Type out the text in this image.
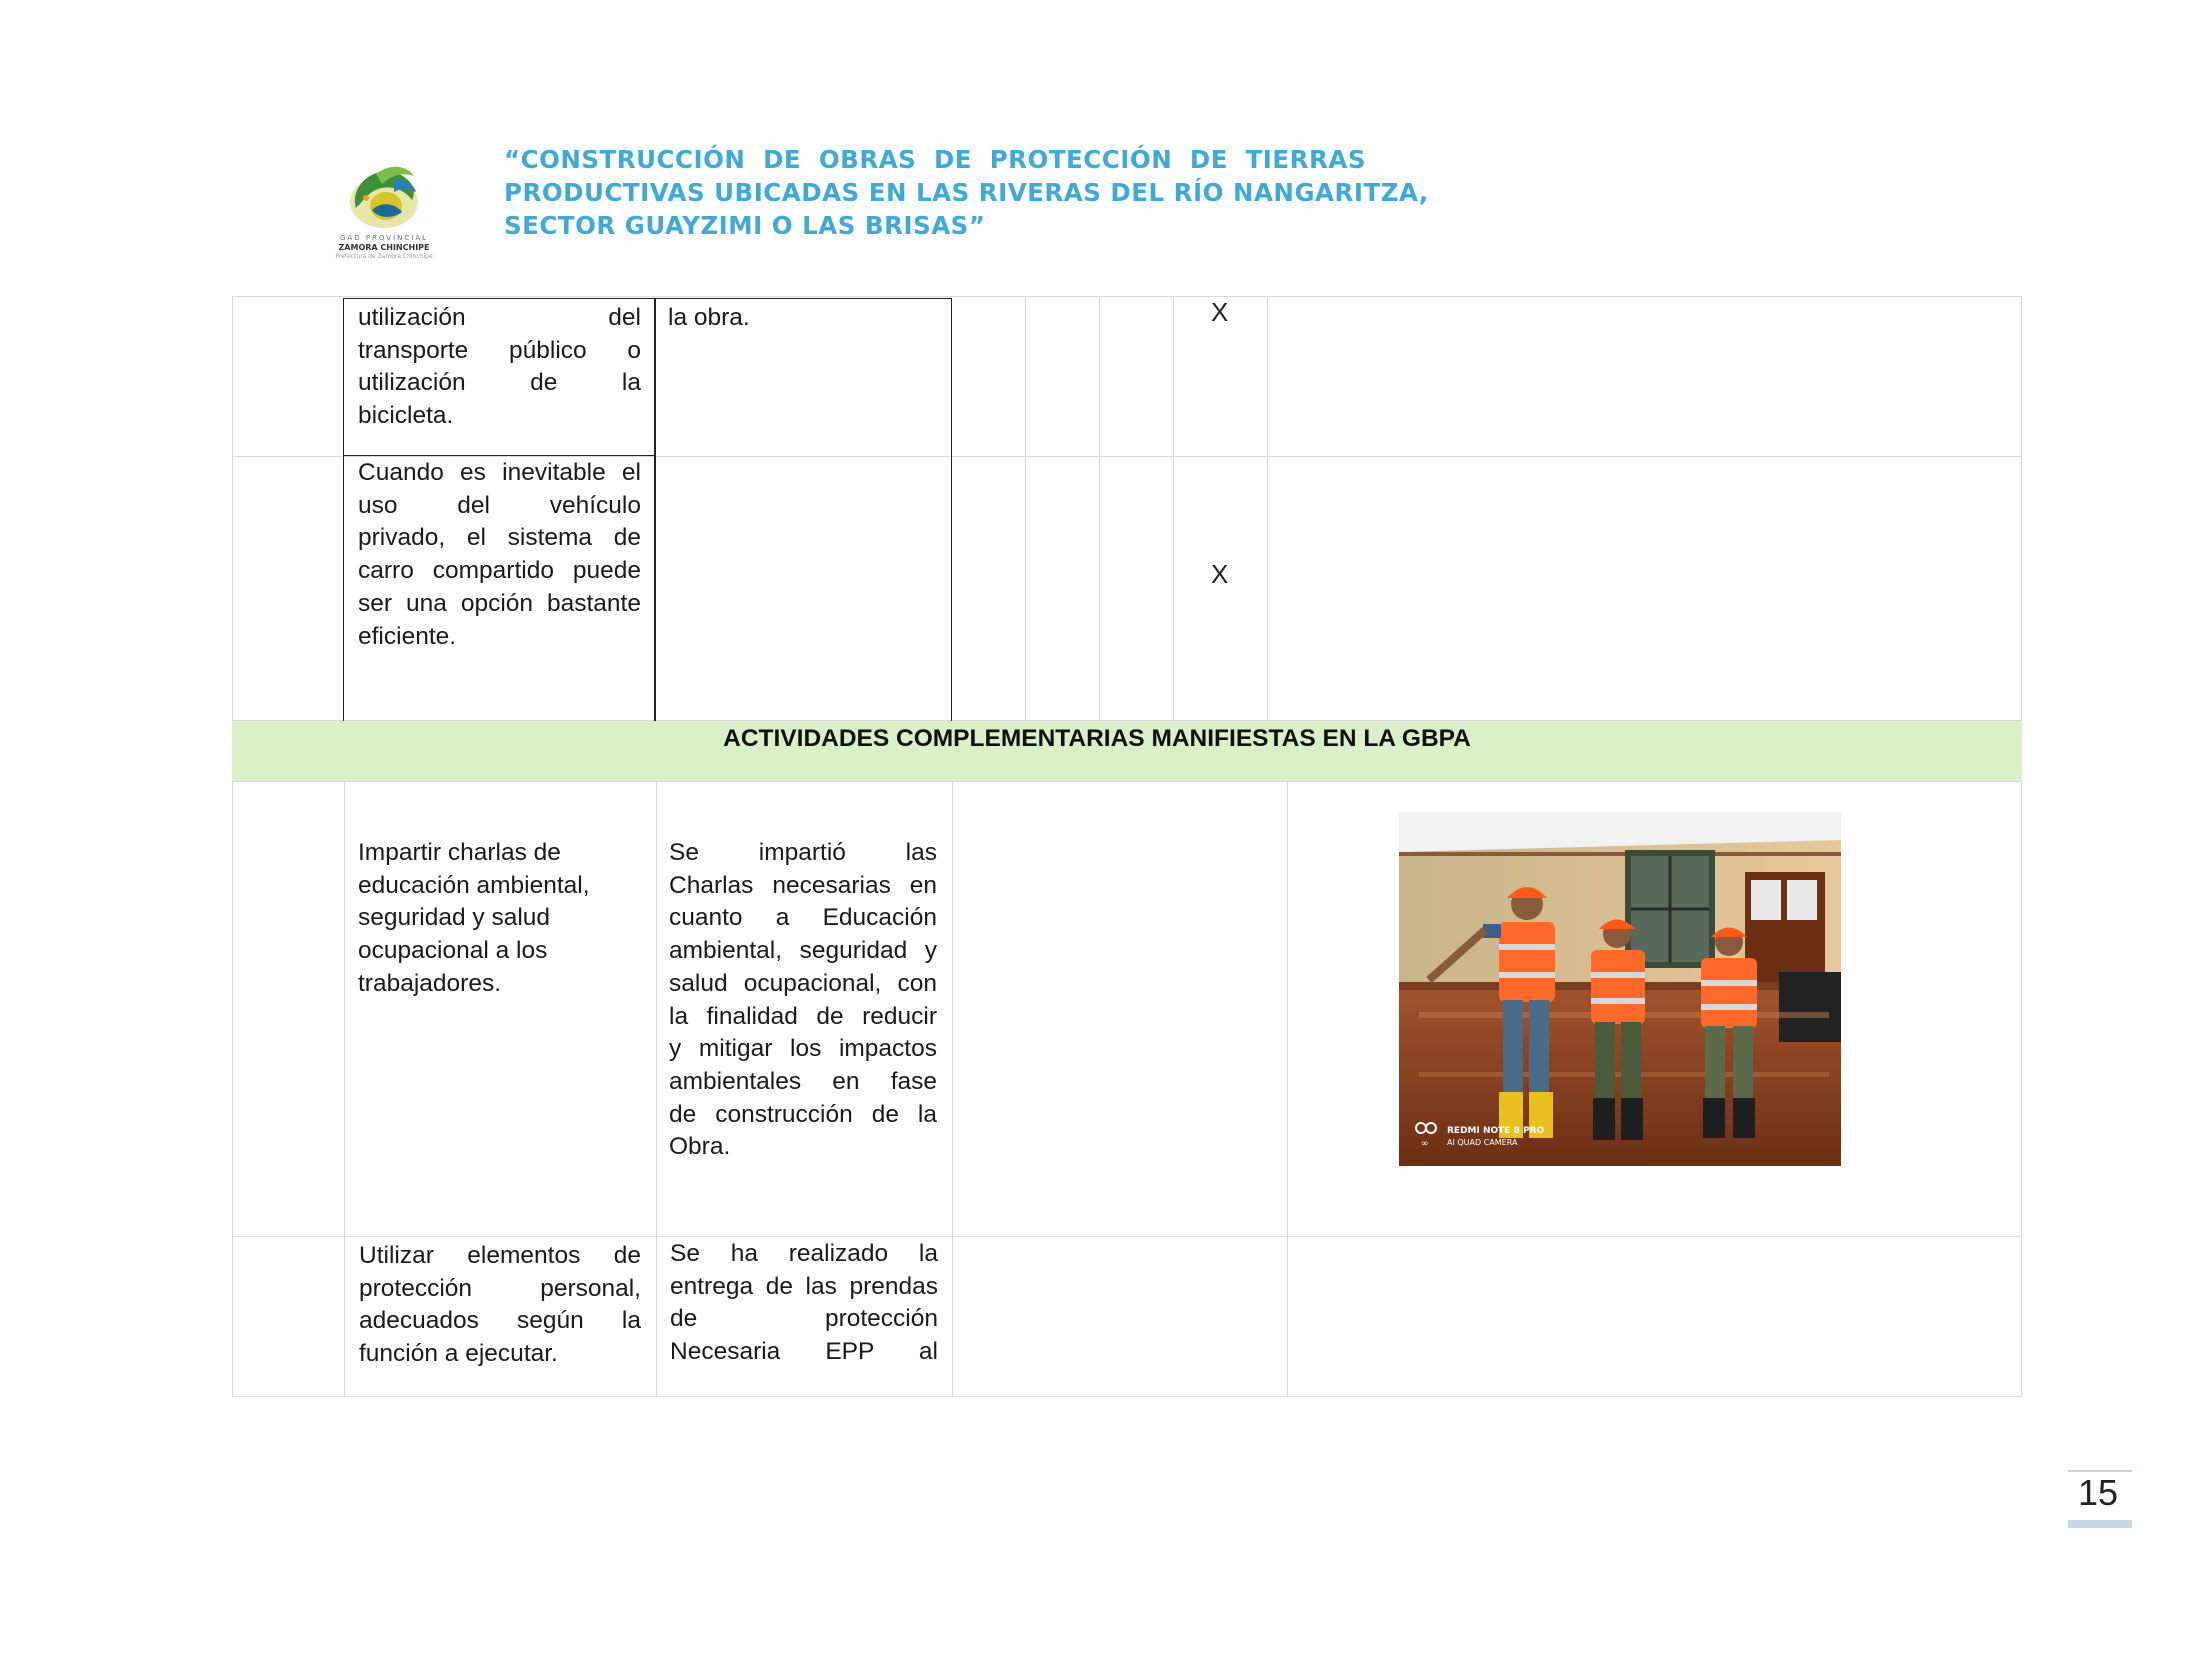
GAD PROVINCIAL
ZAMORA CHINCHIPE
Prefectura de Zamora Chinchipe
“CONSTRUCCIÓN DE OBRAS DE PROTECCIÓN DE TIERRAS
PRODUCTIVAS UBICADAS EN LAS RIVERAS DEL RÍO NANGARITZA,
SECTOR GUAYZIMI O LAS BRISAS”
utilización del
transporte público o
utilización de la
bicicleta.
la obra.	X
Cuando es inevitable el
uso del vehículo
privado, el sistema de
carro compartido puede
ser una opción bastante
eficiente.
X
ACTIVIDADES COMPLEMENTARIAS MANIFIESTAS EN LA GBPA
Impartir charlas de
educación ambiental,
seguridad y salud
ocupacional a los
trabajadores.
Se impartió las
Charlas necesarias en
cuanto a Educación
ambiental, seguridad y
salud ocupacional, con
la finalidad de reducir
y mitigar los impactos
ambientales en fase
de construcción de la
Obra.	∞
REDMI NOTE 8 PRO
AI QUAD CAMERA
Utilizar elementos de
protección personal,
adecuados según la
función a ejecutar.
Se ha realizado la
entrega de las prendas
de protección
Necesaria EPP al
15
